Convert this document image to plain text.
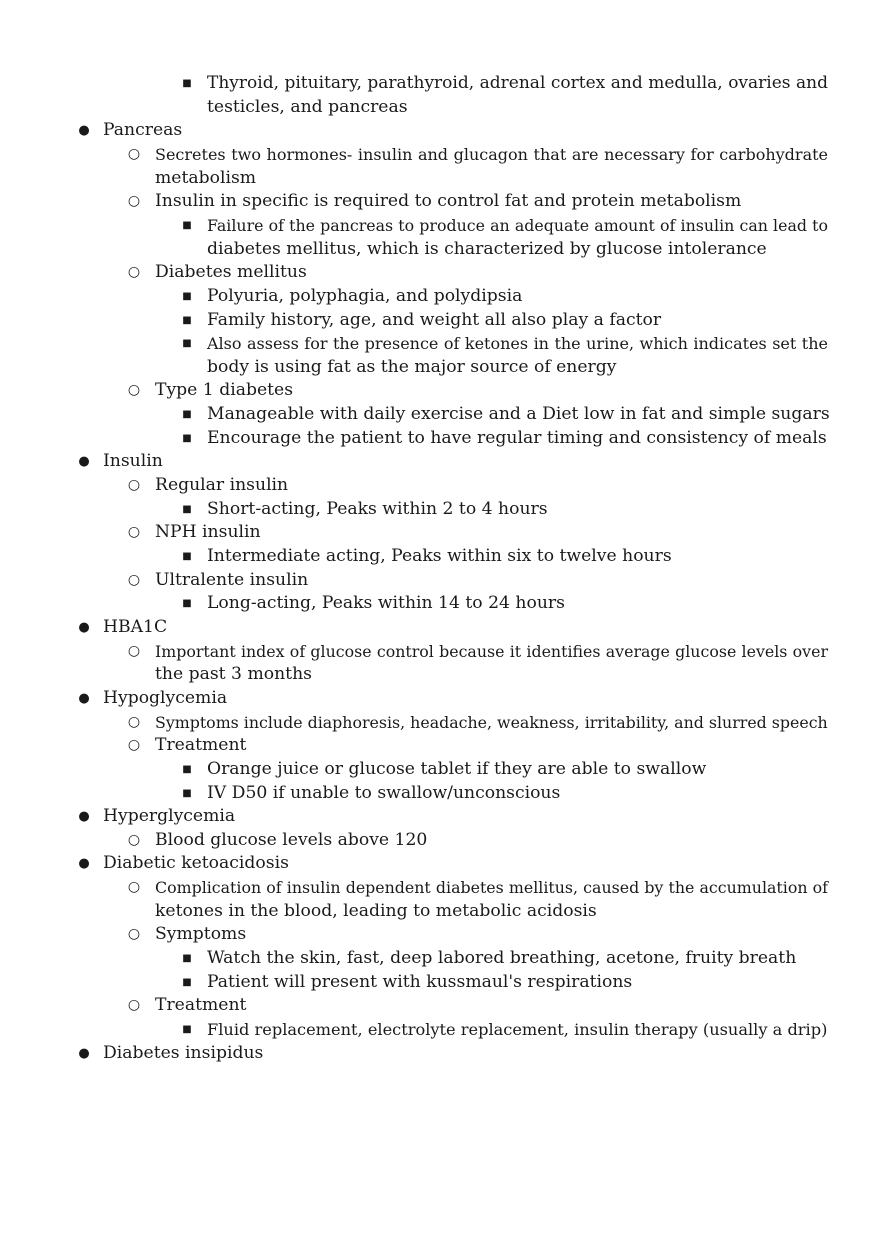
■ Thyroid, pituitary, parathyroid, adrenal cortex and medulla, ovaries and
testicles, and pancreas
● Pancreas
○ Secretes two hormones- insulin and glucagon that are necessary for carbohydrate
metabolism
○ Insulin in specific is required to control fat and protein metabolism
■ Failure of the pancreas to produce an adequate amount of insulin can lead to
diabetes mellitus, which is characterized by glucose intolerance
○ Diabetes mellitus
■ Polyuria, polyphagia, and polydipsia
■ Family history, age, and weight all also play a factor
■ Also assess for the presence of ketones in the urine, which indicates set the
body is using fat as the major source of energy
○ Type 1 diabetes
■ Manageable with daily exercise and a Diet low in fat and simple sugars
■ Encourage the patient to have regular timing and consistency of meals
● Insulin
○ Regular insulin
■ Short-acting, Peaks within 2 to 4 hours
○ NPH insulin
■ Intermediate acting, Peaks within six to twelve hours
○ Ultralente insulin
■ Long-acting, Peaks within 14 to 24 hours
● HBA1C
○ Important index of glucose control because it identifies average glucose levels over
the past 3 months
● Hypoglycemia
○ Symptoms include diaphoresis, headache, weakness, irritability, and slurred speech
○ Treatment
■ Orange juice or glucose tablet if they are able to swallow
■ IV D50 if unable to swallow/unconscious
● Hyperglycemia
○ Blood glucose levels above 120
● Diabetic ketoacidosis
○ Complication of insulin dependent diabetes mellitus, caused by the accumulation of
ketones in the blood, leading to metabolic acidosis
○ Symptoms
■ Watch the skin, fast, deep labored breathing, acetone, fruity breath
■ Patient will present with kussmaul's respirations
○ Treatment
■ Fluid replacement, electrolyte replacement, insulin therapy (usually a drip)
● Diabetes insipidus
